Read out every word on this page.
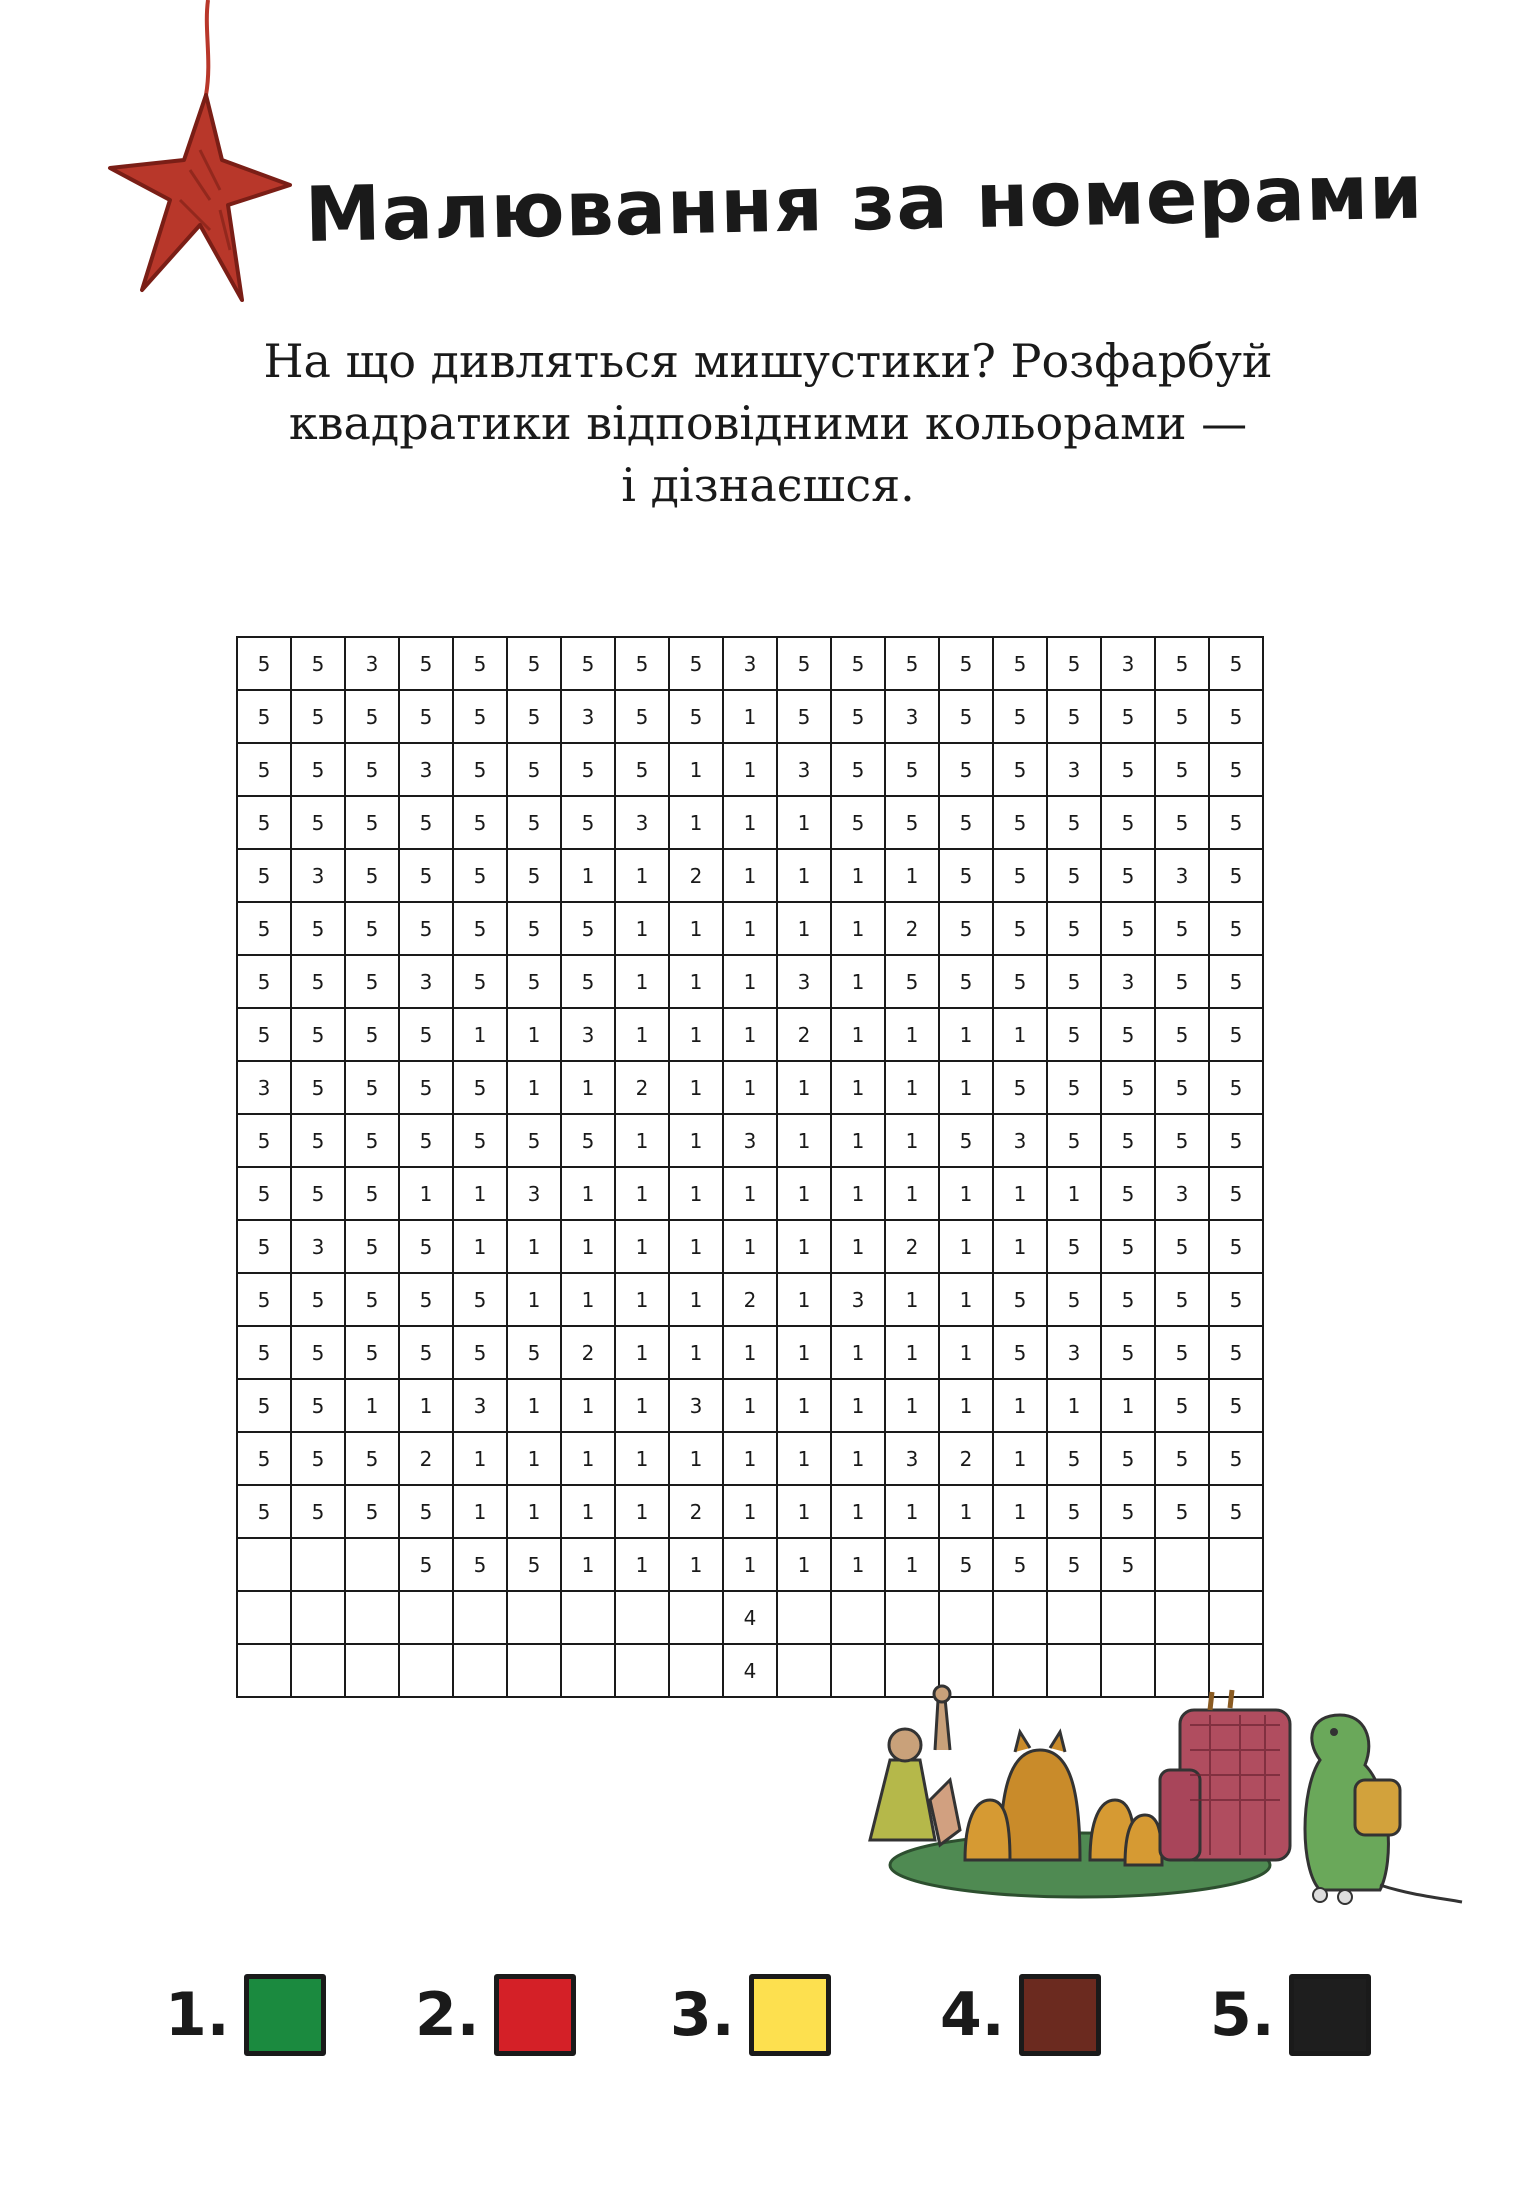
Малювання за номерами
На що дивляться мишустики? Розфарбуй
квадратики відповідними кольорами —
і дізнаєшся.
5	5	3	5	5	5	5	5	5	3	5	5	5	5	5	5	3	5	5
5	5	5	5	5	5	3	5	5	1	5	5	3	5	5	5	5	5	5
5	5	5	3	5	5	5	5	1	1	3	5	5	5	5	3	5	5	5
5	5	5	5	5	5	5	3	1	1	1	5	5	5	5	5	5	5	5
5	3	5	5	5	5	1	1	2	1	1	1	1	5	5	5	5	3	5
5	5	5	5	5	5	5	1	1	1	1	1	2	5	5	5	5	5	5
5	5	5	3	5	5	5	1	1	1	3	1	5	5	5	5	3	5	5
5	5	5	5	1	1	3	1	1	1	2	1	1	1	1	5	5	5	5
3	5	5	5	5	1	1	2	1	1	1	1	1	1	5	5	5	5	5
5	5	5	5	5	5	5	1	1	3	1	1	1	5	3	5	5	5	5
5	5	5	1	1	3	1	1	1	1	1	1	1	1	1	1	5	3	5
5	3	5	5	1	1	1	1	1	1	1	1	2	1	1	5	5	5	5
5	5	5	5	5	1	1	1	1	2	1	3	1	1	5	5	5	5	5
5	5	5	5	5	5	2	1	1	1	1	1	1	1	5	3	5	5	5
5	5	1	1	3	1	1	1	3	1	1	1	1	1	1	1	1	5	5
5	5	5	2	1	1	1	1	1	1	1	1	3	2	1	5	5	5	5
5	5	5	5	1	1	1	1	2	1	1	1	1	1	1	5	5	5	5
			5	5	5	1	1	1	1	1	1	1	5	5	5	5		
									4									
									4									
1.	2.	3.	4.	5.
